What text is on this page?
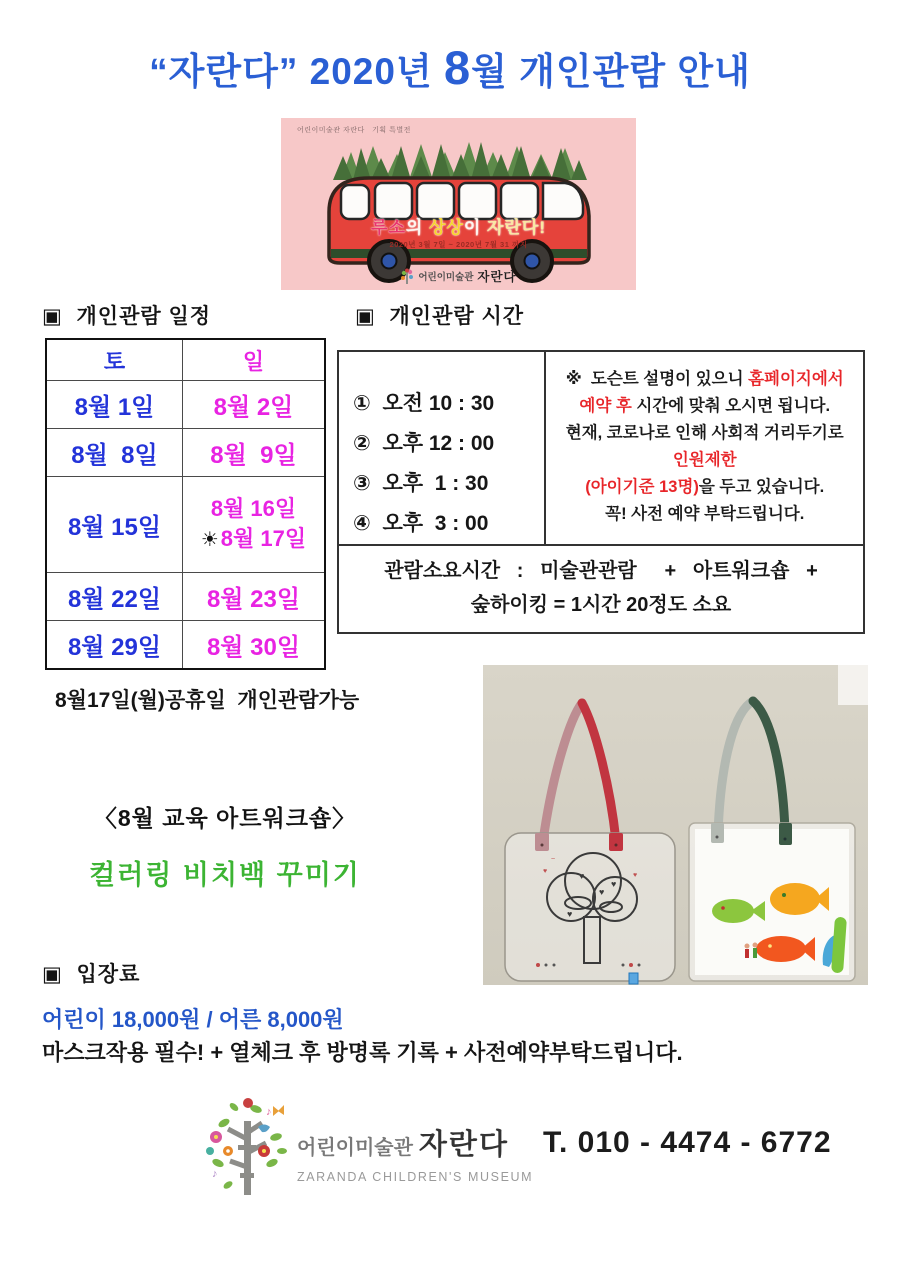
“자란다” 2020년 8월 개인관람 안내
어린이미술관 자란다   기획 특별전
루소의 상상이 자란다!
2020년 3월 7일 ~ 2020년 7월 31 까지
어린이미술관 자란다
▣  개인관람 일정	▣  개인관람 시간
토	일
8월 1일 8월 2일
8월  8일 8월  9일
8월 15일
8월 16일
☀8월 17일
8월 22일 8월 23일
8월 29일 8월 30일
①  오전 10 : 30
②  오후 12 : 00
③  오후  1 : 30
④  오후  3 : 00
※  도슨트 설명이 있으니 홈페이지에서
예약 후 시간에 맞춰 오시면 됩니다.
현재, 코로나로 인해 사회적 거리두기로
인원제한
(아이기준 13명)을 두고 있습니다.
꼭! 사전 예약 부탁드립니다.
관람소요시간   :   미술관관람     +   아트워크숍   +
숲하이킹 = 1시간 20정도 소요
8월17일(월)공휴일  개인관람가능
♥
♥
♥
♥
♥
♥
~
〈8월 교육 아트워크숍〉
컬러링 비치백 꾸미기
▣  입장료
어린이 18,000원 / 어른 8,000원
마스크작용 필수! + 열체크 후 방명록 기록 + 사전예약부탁드립니다.
♪
♪
어린이미술관 자란다
ZARANDA CHILDREN'S MUSEUM
T. 010 - 4474 - 6772
